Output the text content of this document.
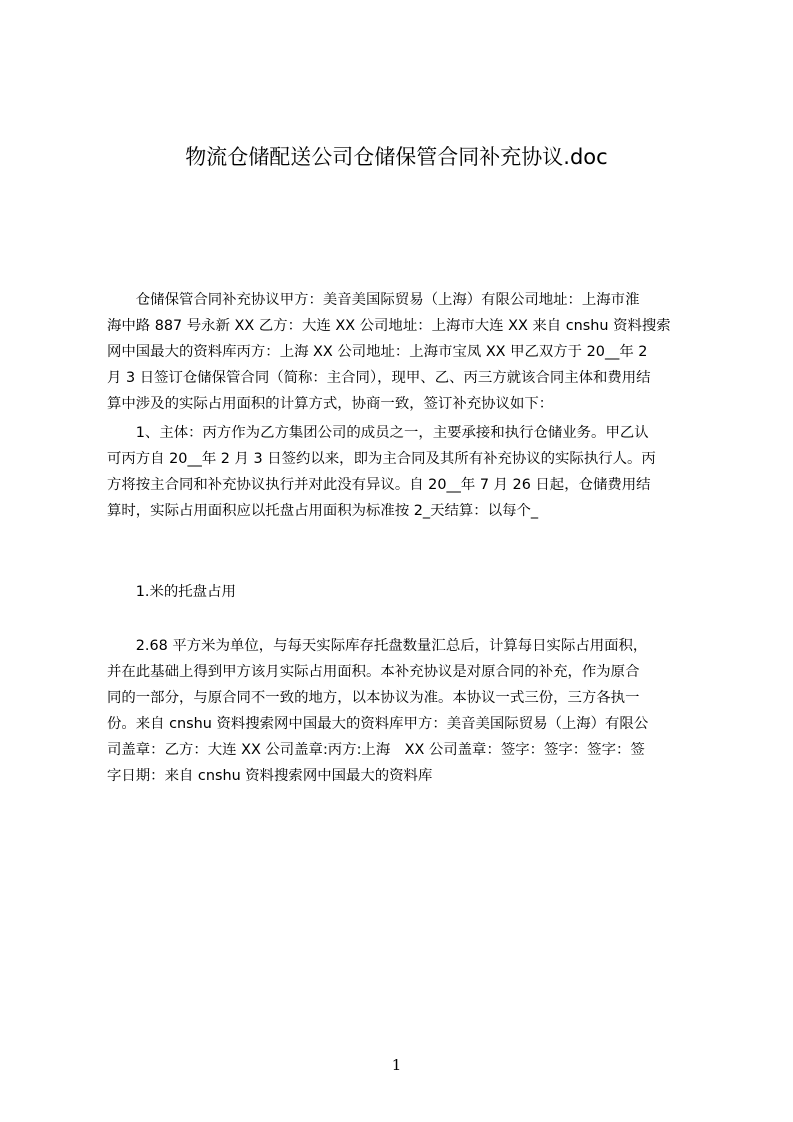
物流仓储配送公司仓储保管合同补充协议.doc
　　仓储保管合同补充协议甲方：美音美国际贸易（上海）有限公司地址：上海市淮
海中路 887 号永新 XX 乙方：大连 XX 公司地址：上海市大连 XX 来自 cnshu 资料搜索
网中国最大的资料库丙方：上海 XX 公司地址：上海市宝凤 XX 甲乙双方于 20__年 2
月 3 日签订仓储保管合同（简称：主合同），现甲、乙、丙三方就该合同主体和费用结
算中涉及的实际占用面积的计算方式，协商一致，签订补充协议如下：
　　1、主体：丙方作为乙方集团公司的成员之一，主要承接和执行仓储业务。甲乙认
可丙方自 20__年 2 月 3 日签约以来，即为主合同及其所有补充协议的实际执行人。丙
方将按主合同和补充协议执行并对此没有异议。自 20__年 7 月 26 日起，仓储费用结
算时，实际占用面积应以托盘占用面积为标准按 2_天结算：以每个_
　　1.米的托盘占用
　　2.68 平方米为单位，与每天实际库存托盘数量汇总后，计算每日实际占用面积，
并在此基础上得到甲方该月实际占用面积。本补充协议是对原合同的补充，作为原合
同的一部分，与原合同不一致的地方，以本协议为准。本协议一式三份，三方各执一
份。来自 cnshu 资料搜索网中国最大的资料库甲方：美音美国际贸易（上海）有限公
司盖章：乙方：大连 XX 公司盖章:丙方:上海　XX 公司盖章：签字：签字：签字：签
字日期：来自 cnshu 资料搜索网中国最大的资料库
1
